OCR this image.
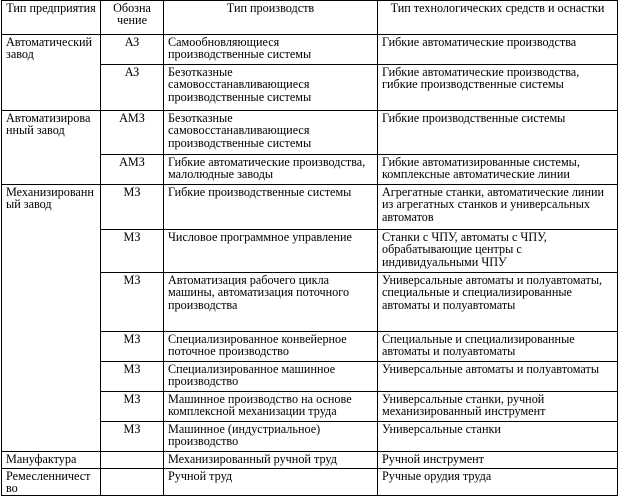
Тип предприятия	Обозна чение	Тип производств	Тип технологических средств и оснастки
Автоматический завод	АЗ	Самообновляющиеся производственные системы	Гибкие автоматические производства
	АЗ	Безотказные самовосстанавливающиеся производственные системы	Гибкие автоматические производства, гибкие производственные системы
Автоматизированный завод	АМЗ	Безотказные самовосстанавливающиеся производственные системы	Гибкие производственные системы
	АМЗ	Гибкие автоматические производства, малолюдные заводы	Гибкие автоматизированные системы, комплексные автоматические линии
Механизированный завод	МЗ	Гибкие производственные системы	Агрегатные станки, автоматические линии из агрегатных станков и универсальных автоматов
	МЗ	Числовое программное управление	Станки с ЧПУ, автоматы с ЧПУ, обрабатывающие центры с индивидуальными ЧПУ
	МЗ	Автоматизация рабочего цикла машины, автоматизация поточного производства	Универсальные автоматы и полуавтоматы, специальные и специализированные автоматы и полуавтоматы
	МЗ	Специализированное конвейерное поточное производство	Специальные и специализированные автоматы и полуавтоматы
	МЗ	Специализированное машинное производство	Универсальные автоматы и полуавтоматы
	МЗ	Машинное производство на основе комплексной механизации труда	Универсальные станки, ручной механизированный инструмент
	МЗ	Машинное (индустриальное) производство	Универсальные станки
Мануфактура		Механизированный ручной труд	Ручной инструмент
Ремесленничество		Ручной труд	Ручные орудия труда
